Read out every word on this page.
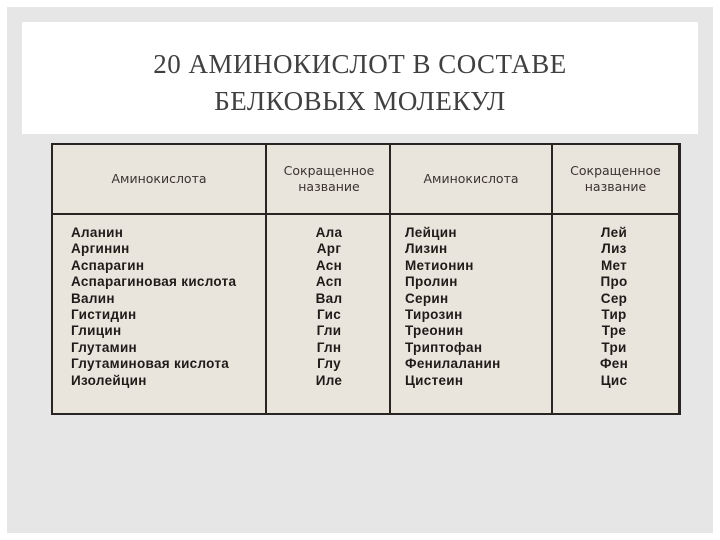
20 АМИНОКИСЛОТ В СОСТАВЕ
БЕЛКОВЫХ МОЛЕКУЛ
Аминокислота
Сокращенное название
Аминокислота
Сокращенное название
Аланин
Аргинин
Аспарагин
Аспарагиновая кислота
Валин
Гистидин
Глицин
Глутамин
Глутаминовая кислота
Изолейцин
Ала
Арг
Асн
Асп
Вал
Гис
Гли
Глн
Глу
Иле
Лейцин
Лизин
Метионин
Пролин
Серин
Тирозин
Треонин
Триптофан
Фенилаланин
Цистеин
Лей
Лиз
Мет
Про
Сер
Тир
Тре
Три
Фен
Цис
